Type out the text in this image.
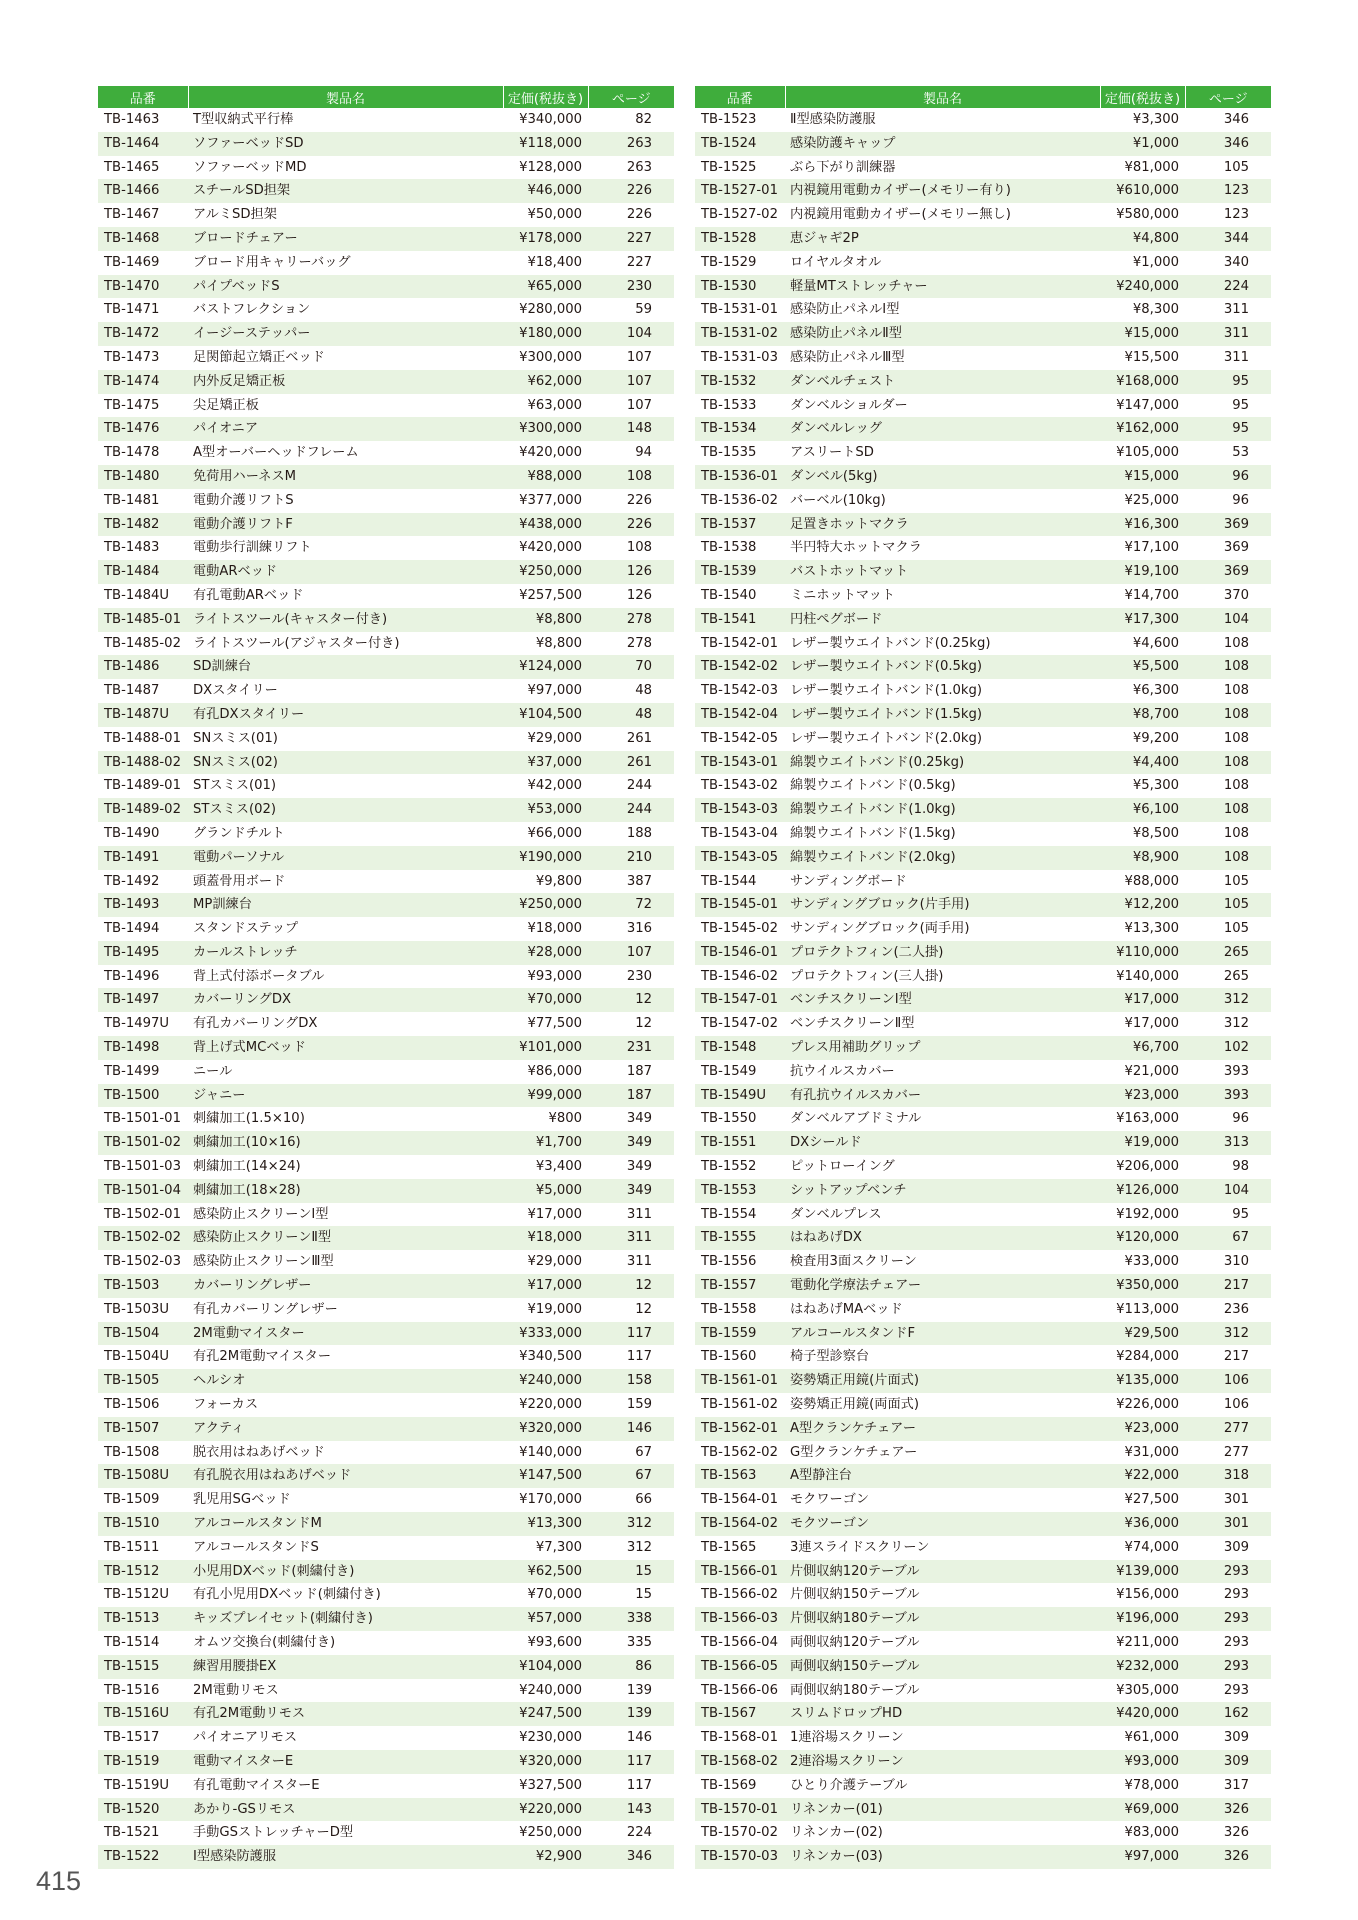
品番	製品名	定価(税抜き)	ページ
TB-1463	T型収納式平行棒	¥340,000	82
TB-1464	ソファーベッドSD	¥118,000	263
TB-1465	ソファーベッドMD	¥128,000	263
TB-1466	スチールSD担架	¥46,000	226
TB-1467	アルミSD担架	¥50,000	226
TB-1468	ブロードチェアー	¥178,000	227
TB-1469	ブロード用キャリーバッグ	¥18,400	227
TB-1470	パイプベッドS	¥65,000	230
TB-1471	バストフレクション	¥280,000	59
TB-1472	イージーステッパー	¥180,000	104
TB-1473	足関節起立矯正ベッド	¥300,000	107
TB-1474	内外反足矯正板	¥62,000	107
TB-1475	尖足矯正板	¥63,000	107
TB-1476	パイオニア	¥300,000	148
TB-1478	A型オーバーヘッドフレーム	¥420,000	94
TB-1480	免荷用ハーネスM	¥88,000	108
TB-1481	電動介護リフトS	¥377,000	226
TB-1482	電動介護リフトF	¥438,000	226
TB-1483	電動歩行訓練リフト	¥420,000	108
TB-1484	電動ARベッド	¥250,000	126
TB-1484U	有孔電動ARベッド	¥257,500	126
TB-1485-01	ライトスツール(キャスター付き)	¥8,800	278
TB-1485-02	ライトスツール(アジャスター付き)	¥8,800	278
TB-1486	SD訓練台	¥124,000	70
TB-1487	DXスタイリー	¥97,000	48
TB-1487U	有孔DXスタイリー	¥104,500	48
TB-1488-01	SNスミス(01)	¥29,000	261
TB-1488-02	SNスミス(02)	¥37,000	261
TB-1489-01	STスミス(01)	¥42,000	244
TB-1489-02	STスミス(02)	¥53,000	244
TB-1490	グランドチルト	¥66,000	188
TB-1491	電動パーソナル	¥190,000	210
TB-1492	頭蓋骨用ボード	¥9,800	387
TB-1493	MP訓練台	¥250,000	72
TB-1494	スタンドステップ	¥18,000	316
TB-1495	カールストレッチ	¥28,000	107
TB-1496	背上式付添ボータブル	¥93,000	230
TB-1497	カバーリングDX	¥70,000	12
TB-1497U	有孔カバーリングDX	¥77,500	12
TB-1498	背上げ式MCベッド	¥101,000	231
TB-1499	ニール	¥86,000	187
TB-1500	ジャニー	¥99,000	187
TB-1501-01	刺繍加工(1.5×10)	¥800	349
TB-1501-02	刺繍加工(10×16)	¥1,700	349
TB-1501-03	刺繍加工(14×24)	¥3,400	349
TB-1501-04	刺繍加工(18×28)	¥5,000	349
TB-1502-01	感染防止スクリーンⅠ型	¥17,000	311
TB-1502-02	感染防止スクリーンⅡ型	¥18,000	311
TB-1502-03	感染防止スクリーンⅢ型	¥29,000	311
TB-1503	カバーリングレザー	¥17,000	12
TB-1503U	有孔カバーリングレザー	¥19,000	12
TB-1504	2M電動マイスター	¥333,000	117
TB-1504U	有孔2M電動マイスター	¥340,500	117
TB-1505	ヘルシオ	¥240,000	158
TB-1506	フォーカス	¥220,000	159
TB-1507	アクティ	¥320,000	146
TB-1508	脱衣用はねあげベッド	¥140,000	67
TB-1508U	有孔脱衣用はねあげベッド	¥147,500	67
TB-1509	乳児用SGベッド	¥170,000	66
TB-1510	アルコールスタンドM	¥13,300	312
TB-1511	アルコールスタンドS	¥7,300	312
TB-1512	小児用DXベッド(刺繍付き)	¥62,500	15
TB-1512U	有孔小児用DXベッド(刺繍付き)	¥70,000	15
TB-1513	キッズプレイセット(刺繍付き)	¥57,000	338
TB-1514	オムツ交換台(刺繍付き)	¥93,600	335
TB-1515	練習用腰掛EX	¥104,000	86
TB-1516	2M電動リモス	¥240,000	139
TB-1516U	有孔2M電動リモス	¥247,500	139
TB-1517	パイオニアリモス	¥230,000	146
TB-1519	電動マイスターE	¥320,000	117
TB-1519U	有孔電動マイスターE	¥327,500	117
TB-1520	あかり-GSリモス	¥220,000	143
TB-1521	手動GSストレッチャーD型	¥250,000	224
TB-1522	Ⅰ型感染防護服	¥2,900	346
品番	製品名	定価(税抜き)	ページ
TB-1523	Ⅱ型感染防護服	¥3,300	346
TB-1524	感染防護キャップ	¥1,000	346
TB-1525	ぶら下がり訓練器	¥81,000	105
TB-1527-01	内視鏡用電動カイザー(メモリー有り)	¥610,000	123
TB-1527-02	内視鏡用電動カイザー(メモリー無し)	¥580,000	123
TB-1528	恵ジャギ2P	¥4,800	344
TB-1529	ロイヤルタオル	¥1,000	340
TB-1530	軽量MTストレッチャー	¥240,000	224
TB-1531-01	感染防止パネルⅠ型	¥8,300	311
TB-1531-02	感染防止パネルⅡ型	¥15,000	311
TB-1531-03	感染防止パネルⅢ型	¥15,500	311
TB-1532	ダンベルチェスト	¥168,000	95
TB-1533	ダンベルショルダー	¥147,000	95
TB-1534	ダンベルレッグ	¥162,000	95
TB-1535	アスリートSD	¥105,000	53
TB-1536-01	ダンベル(5kg)	¥15,000	96
TB-1536-02	バーベル(10kg)	¥25,000	96
TB-1537	足置きホットマクラ	¥16,300	369
TB-1538	半円特大ホットマクラ	¥17,100	369
TB-1539	バストホットマット	¥19,100	369
TB-1540	ミニホットマット	¥14,700	370
TB-1541	円柱ペグボード	¥17,300	104
TB-1542-01	レザー製ウエイトバンド(0.25kg)	¥4,600	108
TB-1542-02	レザー製ウエイトバンド(0.5kg)	¥5,500	108
TB-1542-03	レザー製ウエイトバンド(1.0kg)	¥6,300	108
TB-1542-04	レザー製ウエイトバンド(1.5kg)	¥8,700	108
TB-1542-05	レザー製ウエイトバンド(2.0kg)	¥9,200	108
TB-1543-01	綿製ウエイトバンド(0.25kg)	¥4,400	108
TB-1543-02	綿製ウエイトバンド(0.5kg)	¥5,300	108
TB-1543-03	綿製ウエイトバンド(1.0kg)	¥6,100	108
TB-1543-04	綿製ウエイトバンド(1.5kg)	¥8,500	108
TB-1543-05	綿製ウエイトバンド(2.0kg)	¥8,900	108
TB-1544	サンディングボード	¥88,000	105
TB-1545-01	サンディングブロック(片手用)	¥12,200	105
TB-1545-02	サンディングブロック(両手用)	¥13,300	105
TB-1546-01	プロテクトフィン(二人掛)	¥110,000	265
TB-1546-02	プロテクトフィン(三人掛)	¥140,000	265
TB-1547-01	ベンチスクリーンⅠ型	¥17,000	312
TB-1547-02	ベンチスクリーンⅡ型	¥17,000	312
TB-1548	プレス用補助グリップ	¥6,700	102
TB-1549	抗ウイルスカバー	¥21,000	393
TB-1549U	有孔抗ウイルスカバー	¥23,000	393
TB-1550	ダンベルアブドミナル	¥163,000	96
TB-1551	DXシールド	¥19,000	313
TB-1552	ピットローイング	¥206,000	98
TB-1553	シットアップベンチ	¥126,000	104
TB-1554	ダンベルプレス	¥192,000	95
TB-1555	はねあげDX	¥120,000	67
TB-1556	検査用3面スクリーン	¥33,000	310
TB-1557	電動化学療法チェアー	¥350,000	217
TB-1558	はねあげMAベッド	¥113,000	236
TB-1559	アルコールスタンドF	¥29,500	312
TB-1560	椅子型診察台	¥284,000	217
TB-1561-01	姿勢矯正用鏡(片面式)	¥135,000	106
TB-1561-02	姿勢矯正用鏡(両面式)	¥226,000	106
TB-1562-01	A型クランケチェアー	¥23,000	277
TB-1562-02	G型クランケチェアー	¥31,000	277
TB-1563	A型静注台	¥22,000	318
TB-1564-01	モクワーゴン	¥27,500	301
TB-1564-02	モクツーゴン	¥36,000	301
TB-1565	3連スライドスクリーン	¥74,000	309
TB-1566-01	片側収納120テーブル	¥139,000	293
TB-1566-02	片側収納150テーブル	¥156,000	293
TB-1566-03	片側収納180テーブル	¥196,000	293
TB-1566-04	両側収納120テーブル	¥211,000	293
TB-1566-05	両側収納150テーブル	¥232,000	293
TB-1566-06	両側収納180テーブル	¥305,000	293
TB-1567	スリムドロップHD	¥420,000	162
TB-1568-01	1連浴場スクリーン	¥61,000	309
TB-1568-02	2連浴場スクリーン	¥93,000	309
TB-1569	ひとり介護テーブル	¥78,000	317
TB-1570-01	リネンカー(01)	¥69,000	326
TB-1570-02	リネンカー(02)	¥83,000	326
TB-1570-03	リネンカー(03)	¥97,000	326
415
